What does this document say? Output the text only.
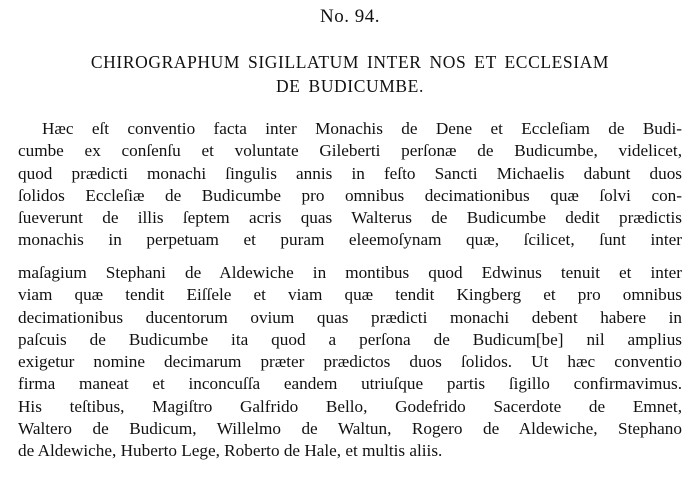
No. 94.
CHIROGRAPHUM SIGILLATUM INTER NOS ET ECCLESIAM
DE BUDICUMBE.
Hæc eſt conventio facta inter Monachis de Dene et Eccleſiam de Budi-
cumbe ex conſenſu et voluntate Gileberti perſonæ de Budicumbe, videlicet,
quod prædicti monachi ſingulis annis in feſto Sancti Michaelis dabunt duos
ſolidos Eccleſiæ de Budicumbe pro omnibus decimationibus quæ ſolvi con-
ſueverunt de illis ſeptem acris quas Walterus de Budicumbe dedit prædictis
monachis in perpetuam et puram eleemoſynam quæ, ſcilicet, ſunt inter
maſagium Stephani de Aldewiche in montibus quod Edwinus tenuit et inter
viam quæ tendit Eiſſele et viam quæ tendit Kingberg et pro omnibus
decimationibus ducentorum ovium quas prædicti monachi debent habere in
paſcuis de Budicumbe ita quod a perſona de Budicum[be] nil amplius
exigetur nomine decimarum præter prædictos duos ſolidos. Ut hæc conventio
firma maneat et inconcuſſa eandem utriuſque partis ſigillo confirmavimus.
His teſtibus, Magiſtro Galfrido Bello, Godefrido Sacerdote de Emnet,
Waltero de Budicum, Willelmo de Waltun, Rogero de Aldewiche, Stephano
de Aldewiche, Huberto Lege, Roberto de Hale, et multis aliis.
